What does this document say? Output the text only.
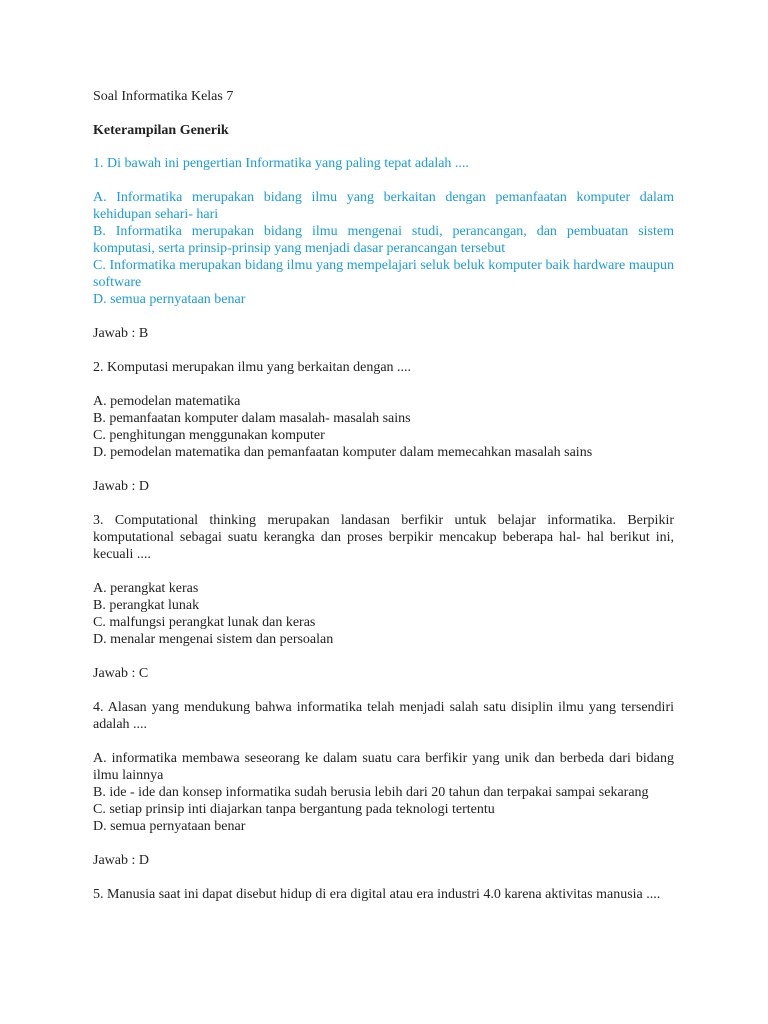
Soal Informatika Kelas 7

Keterampilan Generik

1. Di bawah ini pengertian Informatika yang paling tepat adalah ....

A. Informatika merupakan bidang ilmu yang berkaitan dengan pemanfaatan komputer dalam kehidupan sehari- hari

B. Informatika merupakan bidang ilmu mengenai studi, perancangan, dan pembuatan sistem komputasi, serta prinsip-prinsip yang menjadi dasar perancangan tersebut

C. Informatika merupakan bidang ilmu yang mempelajari seluk beluk komputer baik hardware maupun software

D. semua pernyataan benar

Jawab : B

2. Komputasi merupakan ilmu yang berkaitan dengan ....

A. pemodelan matematika

B. pemanfaatan komputer dalam masalah- masalah sains

C. penghitungan menggunakan komputer

D. pemodelan matematika dan pemanfaatan komputer dalam memecahkan masalah sains

Jawab : D

3. Computational thinking merupakan landasan berfikir untuk belajar informatika. Berpikir komputational sebagai suatu kerangka dan proses berpikir mencakup beberapa hal- hal berikut ini, kecuali ....

A. perangkat keras

B. perangkat lunak

C. malfungsi perangkat lunak dan keras

D. menalar mengenai sistem dan persoalan

Jawab : C

4. Alasan yang mendukung bahwa informatika telah menjadi salah satu disiplin ilmu yang tersendiri adalah ....

A. informatika membawa seseorang ke dalam suatu cara berfikir yang unik dan berbeda dari bidang ilmu lainnya

B. ide - ide dan konsep informatika sudah berusia lebih dari 20 tahun dan terpakai sampai sekarang

C. setiap prinsip inti diajarkan tanpa bergantung pada teknologi tertentu

D. semua pernyataan benar

Jawab : D

5. Manusia saat ini dapat disebut hidup di era digital atau era industri 4.0 karena aktivitas manusia ....
